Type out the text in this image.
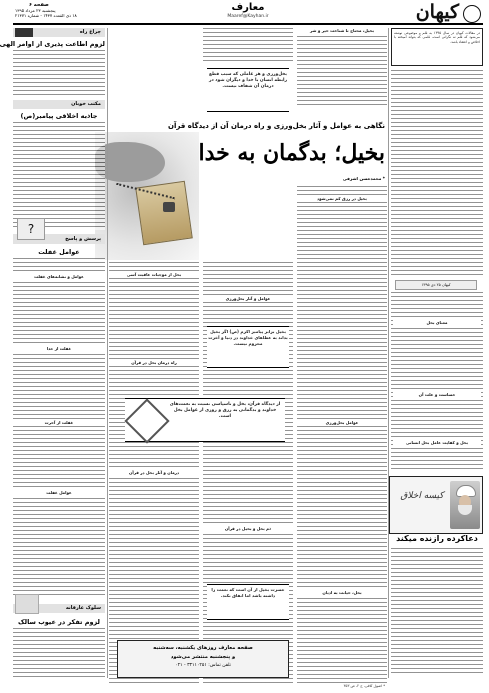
کیهان
معارف
Maaref@Kayhan.ir
صفحه ۶
پنجشنبه ۲۳ مرداد ۱۳۹۵
۱۸ ذی القعده ۱۴۳۷ - شماره ۲۱۳۷۱
در مقالات کیهان در سال ۱۳۹۵ به قلم و موضوعی نوشته می‌شود که قلم نه نگرانی است، قلمی که بتواند آمیخته با اخلاص و اعتقاد باشد.
کیهان ۲۵ دی ۱۳۹۵
معنای بخل
خساست و علت آن
بخل و کفایت عامل بخل انسانی
کیسه اخلاق
دعاکرده رازنده میکند
بخیل، محتاج تا شناخت خیر و شر
بخل‌ورزی و هر عاملی که سبب قطع رابطه انسان با خدا و دیگران شود در درمان آن شفاف نیست.
نگاهی به عوامل و آثار بخل‌ورزی و راه درمان آن از دیدگاه قرآن
بخیل؛ بدگمان به خدا
* محمدحسن اشرفی
بخیل در رزق کم نمی‌شود
عوامل بخل‌ورزی
بخل، خیانت به ادیان
عوامل و آثار بخل‌ورزی
ذم بخل و بخیل در قرآن
بخل از موجبات عاقبت آسی
راه درمان بخل در قرآن
درمان و آثار بخل در قرآن
بخیل برابر پیامبر اکرم (ص) اگر بخیل بداند به عطاهای خداوند در دنیا و آخرت محروم نیست.
از دیدگاه قرآن، بخل و ناسپاسی نسبت به نعمت‌های خداوند و بدگمانی به رزق و روزی از عوامل بخل است.
حسرت بخیل از آن است که نعمت را داشته باشد اما انفاق نکند.
صفحه معارف روزهای یکشنبه، سه‌شنبه
و پنجشنبه منتشر می‌شود
تلفن تماس: ۳۳۱۱۰۲۵۱ - ۰۲۱
چراغ راه
لزوم اطاعت پذیری از اوامر الهی
مکتب خوبان
جاذبه اخلاقی پیامبر(ص)
پرسش و پاسخ
?
عوامل غفلت
عوامل و نشانه‌های غفلت
غفلت از خدا
غفلت از آخرت
عوامل غفلت
سلوک عارفانه
لزوم تفکر در عیوب سالک
* اصول کافی، ج ۲، ص ۳۵۳
